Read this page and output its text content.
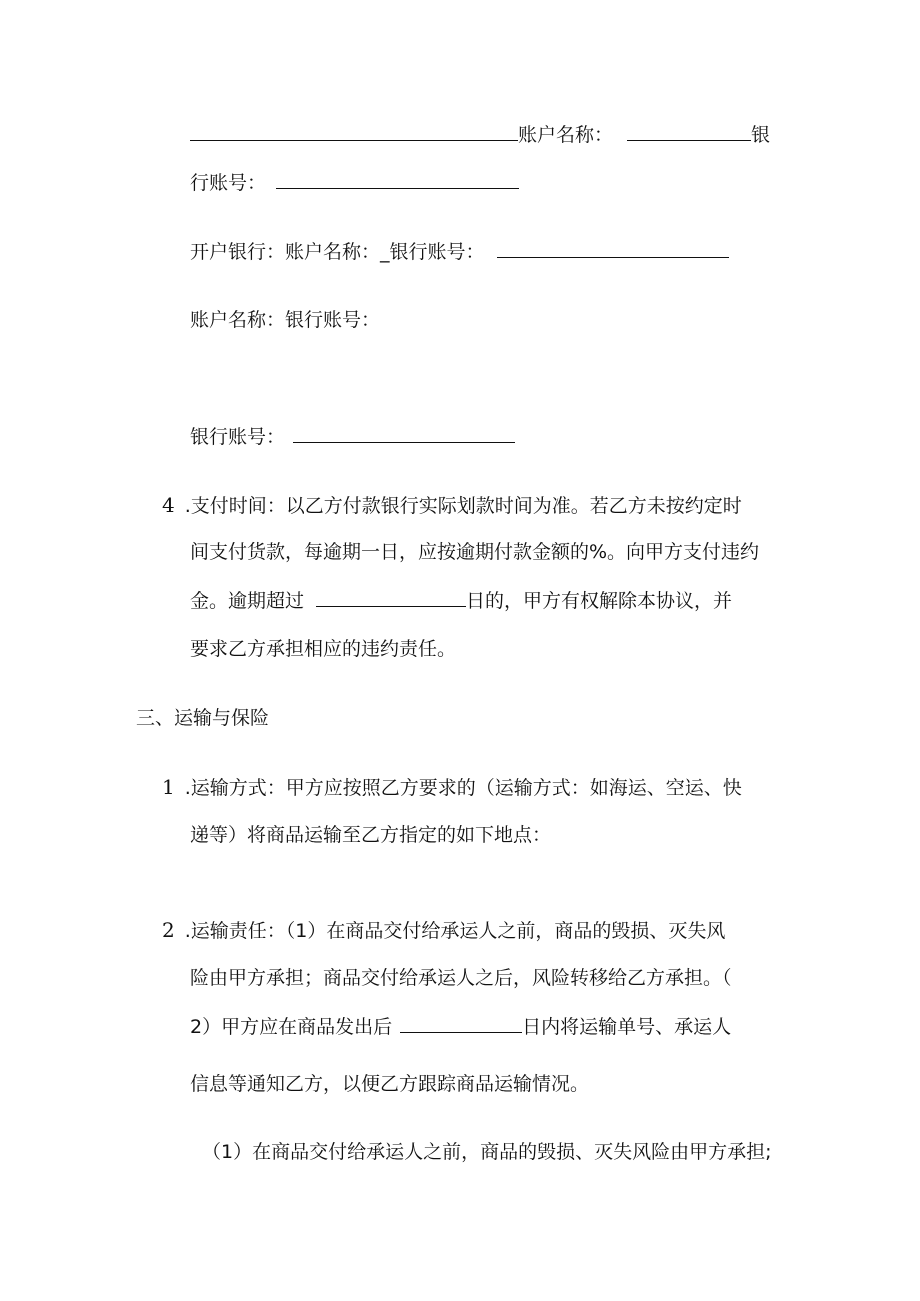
账户名称：	银
行账号：
开户银行：账户名称：_银行账号：
账户名称：银行账号：
银行账号：
4 .支付时间：以乙方付款银行实际划款时间为准。若乙方未按约定时
间支付货款，每逾期一日，应按逾期付款金额的%。向甲方支付违约
金。逾期超过	日的，甲方有权解除本协议，并
要求乙方承担相应的违约责任。
三、运输与保险
1 .运输方式：甲方应按照乙方要求的（运输方式：如海运、空运、快
递等）将商品运输至乙方指定的如下地点：
2 .运输责任：（1）在商品交付给承运人之前，商品的毁损、灭失风
险由甲方承担；商品交付给承运人之后，风险转移给乙方承担。（
2）甲方应在商品发出后	日内将运输单号、承运人
信息等通知乙方，以便乙方跟踪商品运输情况。
（1）在商品交付给承运人之前，商品的毁损、灭失风险由甲方承担;
